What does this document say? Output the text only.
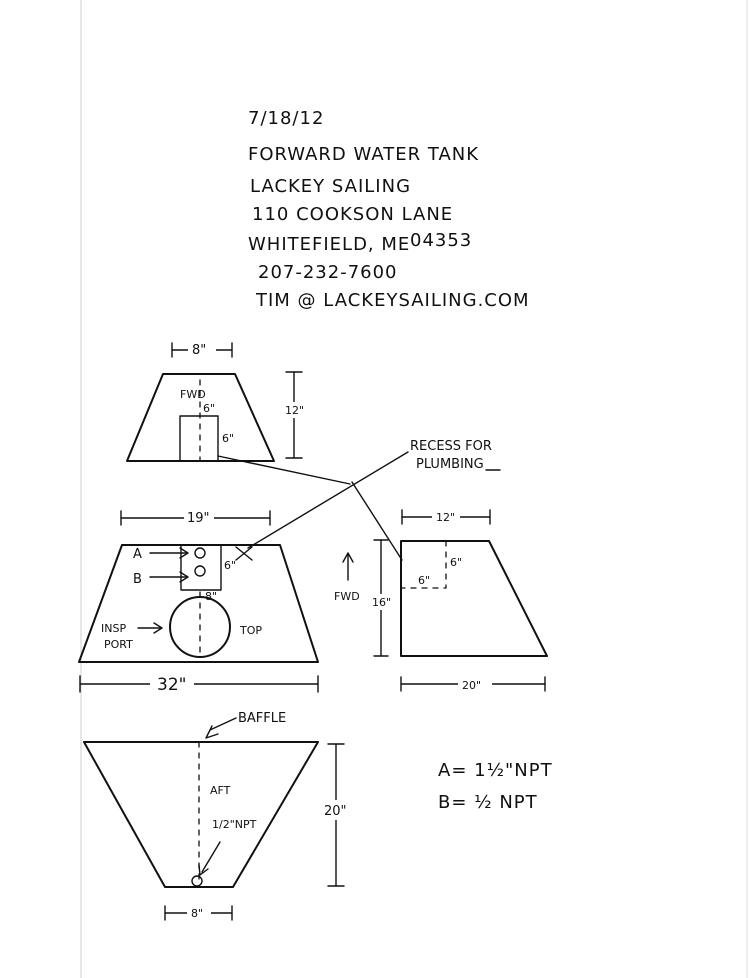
7/18/12
FORWARD WATER TANK
LACKEY SAILING
110 COOKSON LANE
WHITEFIELD, ME 04353
207-232-7600
TIM @ LACKEYSAILING.COM
8"
12"
FWD
6"
6"
RECESS FOR
PLUMBING
A
B
6"
8"
INSP
PORT
TOP
19"
32"
6"
6"
12"
20"
16"
FWD
BAFFLE
AFT
1/2"NPT
20"
8"
A= 1½"NPT
B= ½ NPT
